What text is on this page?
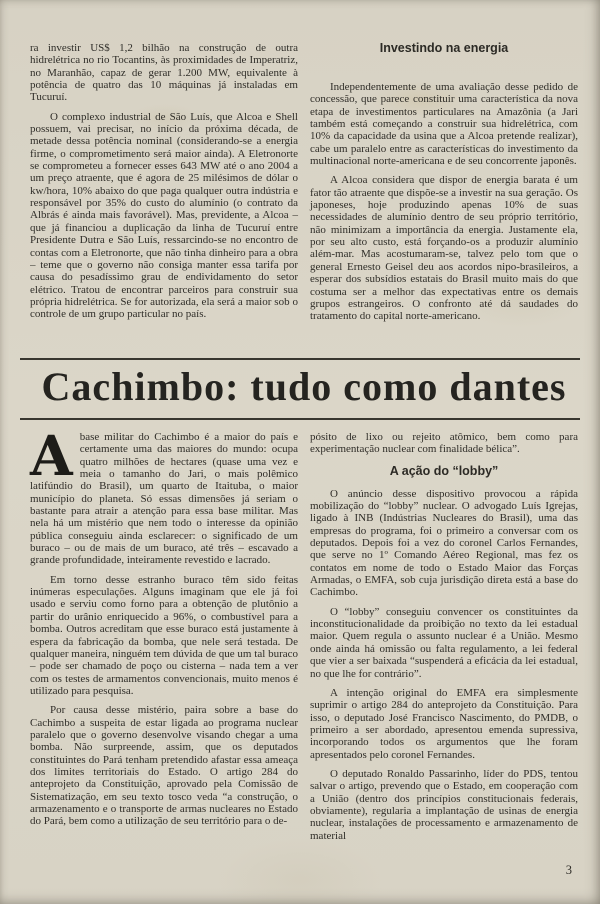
ra investir US$ 1,2 bilhão na construção de outra hidrelétrica no rio Tocantins, às proximidades de Imperatriz, no Maranhão, capaz de gerar 1.200 MW, equivalente à potência de quatro das 10 máquinas já instaladas em Tucuruí.

O complexo industrial de São Luís, que Alcoa e Shell possuem, vai precisar, no início da próxima década, de metade dessa potência nominal (considerando-se a energia firme, o comprometimento será maior ainda). A Eletronorte se comprometeu a fornecer esses 643 MW até o ano 2004 a um preço atraente, que é agora de 25 milésimos de dólar o kw/hora, 10% abaixo do que paga qualquer outra indústria e responsável por 35% do custo do alumínio (o contrato da Albrás é ainda mais favorável). Mas, previdente, a Alcoa – que já financiou a duplicação da linha de Tucuruí entre Presidente Dutra e São Luís, ressarcindo-se no encontro de contas com a Eletronorte, que não tinha dinheiro para a obra – teme que o governo não consiga manter essa tarifa por causa do pesadíssimo grau de endividamento do setor elétrico. Tratou de encontrar parceiros para construir sua própria hidrelétrica. Se for autorizada, ela será a maior sob o controle de um grupo particular no país.

Investindo na energia

Independentemente de uma avaliação desse pedido de concessão, que parece constituir uma característica da nova etapa de investimentos particulares na Amazônia (a Jari também está começando a construir sua hidrelétrica, com 10% da capacidade da usina que a Alcoa pretende realizar), cabe um paralelo entre as características do investimento da multinacional norte-americana e de seu concorrente japonês.

A Alcoa considera que dispor de energia barata é um fator tão atraente que dispõe-se a investir na sua geração. Os japoneses, hoje produzindo apenas 10% de suas necessidades de alumínio dentro de seu próprio território, não minimizam a importância da energia. Justamente ela, por seu alto custo, está forçando-os a produzir alumínio além-mar. Mas acostumaram-se, talvez pelo tom que o general Ernesto Geisel deu aos acordos nipo-brasileiros, a esperar dos subsídios estatais do Brasil muito mais do que costuma ser a melhor das expectativas entre os demais grupos estrangeiros. O confronto até dá saudades do tratamento do capital norte-americano.

Cachimbo: tudo como dantes

Abase militar do Cachimbo é a maior do país e certamente uma das maiores do mundo: ocupa quatro milhões de hectares (quase uma vez e meia o tamanho do Jari, o mais polêmico latifúndio do Brasil), um quarto de Itaituba, o maior município do planeta. Só essas dimensões já seriam o bastante para atrair a atenção para essa base militar. Mas nela há um mistério que nem todo o interesse da opinião pública conseguiu ainda esclarecer: o significado de um buraco – ou de mais de um buraco, até três – escavado a grande profundidade, inteiramente revestido e lacrado.

Em torno desse estranho buraco têm sido feitas inúmeras especulações. Alguns imaginam que ele já foi usado e serviu como forno para a obtenção de plutônio a partir do urânio enriquecido a 96%, o combustível para a bomba. Outros acreditam que esse buraco está justamente à espera da fabricação da bomba, que nele será testada. De qualquer maneira, ninguém tem dúvida de que um tal buraco – pode ser chamado de poço ou cisterna – nada tem a ver com os testes de armamentos convencionais, muito menos é utilizado para pesquisa.

Por causa desse mistério, paira sobre a base do Cachimbo a suspeita de estar ligada ao programa nuclear paralelo que o governo desenvolve visando chegar a uma bomba. Não surpreende, assim, que os deputados constituintes do Pará tenham pretendido afastar essa ameaça dos limites territoriais do Estado. O artigo 284 do anteprojeto da Constituição, aprovado pela Comissão de Sistematização, em seu texto tosco veda “a construção, o armazenamento e o transporte de armas nucleares no Estado do Pará, bem como a utilização de seu território para o de-

pósito de lixo ou rejeito atômico, bem como para experimentação nuclear com finalidade bélica”.

A ação do “lobby”

O anúncio desse dispositivo provocou a rápida mobilização do “lobby” nuclear. O advogado Luís Igrejas, ligado à INB (Indústrias Nucleares do Brasil), uma das empresas do programa, foi o primeiro a conversar com os deputados. Depois foi a vez do coronel Carlos Fernandes, que serve no 1º Comando Aéreo Regional, mas fez os contatos em nome de todo o Estado Maior das Forças Armadas, o EMFA, sob cuja jurisdição direta está a base do Cachimbo.

O “lobby” conseguiu convencer os constituintes da inconstitucionalidade da proibição no texto da lei estadual maior. Quem regula o assunto nuclear é a União. Mesmo onde ainda há omissão ou falta regulamento, a lei federal que vier a ser baixada “suspenderá a eficácia da lei estadual, no que lhe for contrário”.

A intenção original do EMFA era simplesmente suprimir o artigo 284 do anteprojeto da Constituição. Para isso, o deputado José Francisco Nascimento, do PMDB, o primeiro a ser abordado, apresentou emenda supressiva, incorporando todos os argumentos que lhe foram apresentados pelo coronel Fernandes.

O deputado Ronaldo Passarinho, líder do PDS, tentou salvar o artigo, prevendo que o Estado, em cooperação com a União (dentro dos princípios constitucionais federais, obviamente), regularia a implantação de usinas de energia nuclear, instalações de processamento e armazenamento de material

3
